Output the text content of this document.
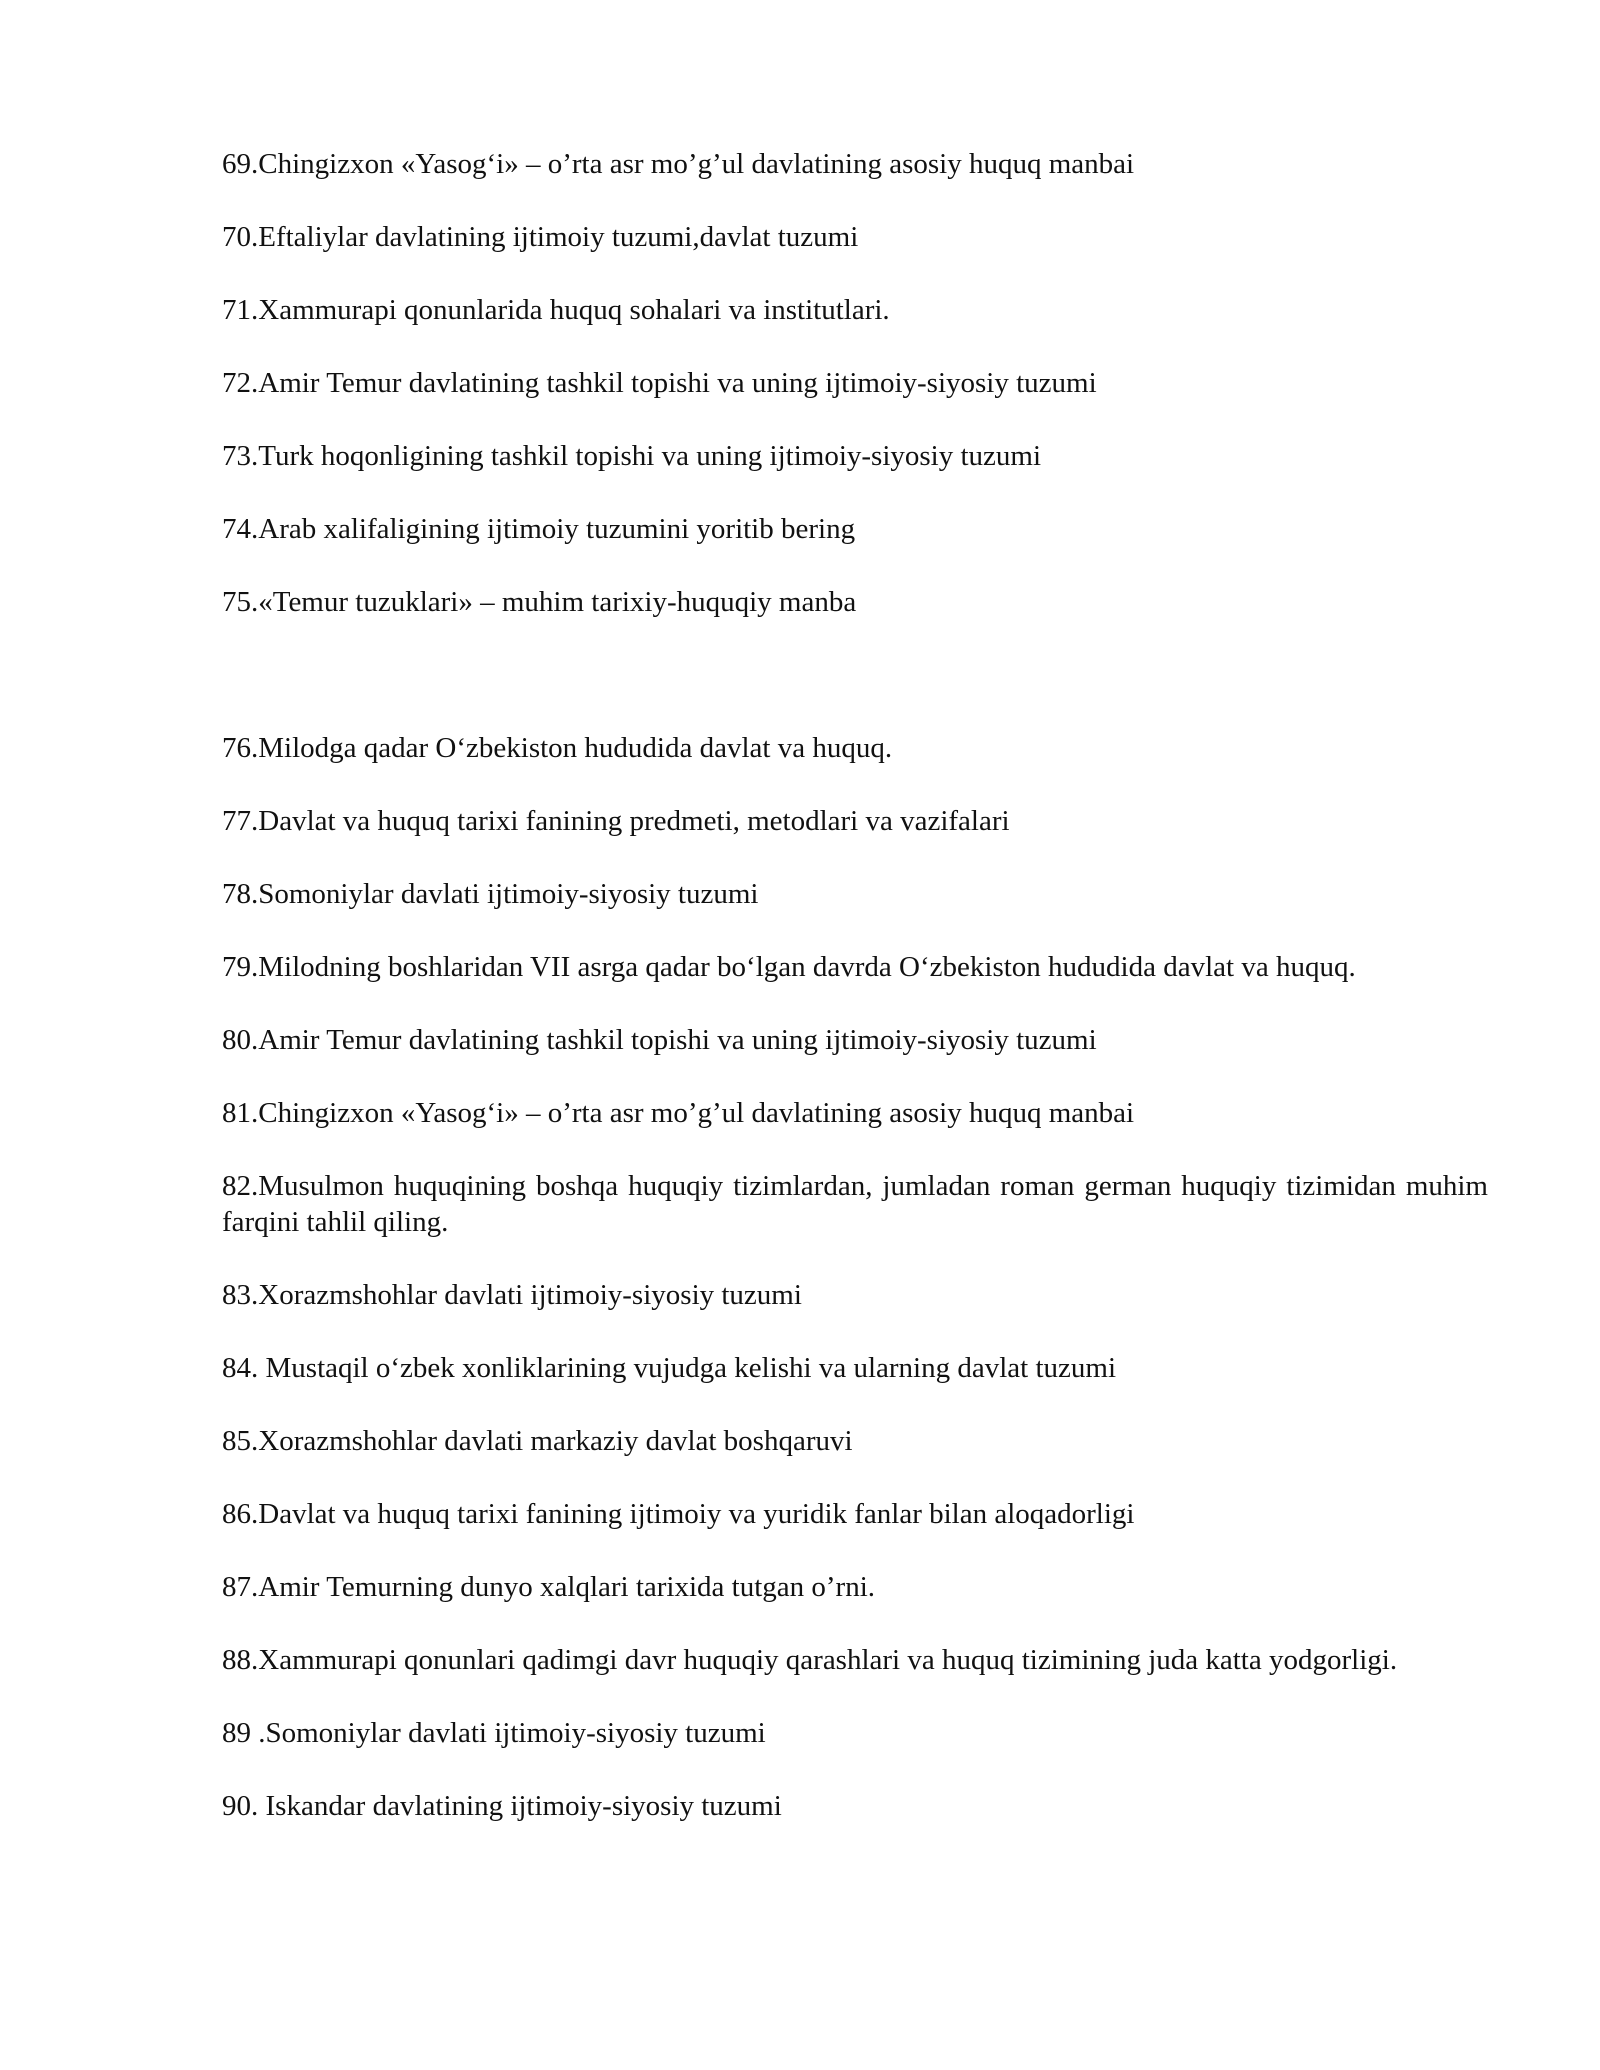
69.Chingizxon «Yasog‘i» – o’rta asr mo’g’ul davlatining asosiy huquq manbai

70.Eftaliylar davlatining ijtimoiy tuzumi,davlat tuzumi

71.Xammurapi qonunlarida huquq sohalari va institutlari.

72.Amir Temur davlatining tashkil topishi va uning ijtimoiy-siyosiy tuzumi

73.Turk hoqonligining tashkil topishi va uning ijtimoiy-siyosiy tuzumi

74.Arab xalifaligining ijtimoiy tuzumini yoritib bering

75.«Temur tuzuklari» – muhim tarixiy-huquqiy manba

76.Milodga qadar O‘zbekiston hududida davlat va huquq.

77.Davlat va huquq tarixi fanining predmeti, metodlari va vazifalari

78.Somoniylar davlati ijtimoiy-siyosiy tuzumi

79.Milodning boshlaridan VII asrga qadar bo‘lgan davrda O‘zbekiston hududida davlat va huquq.

80.Amir Temur davlatining tashkil topishi va uning ijtimoiy-siyosiy tuzumi

81.Chingizxon «Yasog‘i» – o’rta asr mo’g’ul davlatining asosiy huquq manbai

82.Musulmon huquqining boshqa huquqiy tizimlardan, jumladan roman german huquqiy tizimidan muhim farqini tahlil qiling.

83.Xorazmshohlar davlati ijtimoiy-siyosiy tuzumi

84. Mustaqil o‘zbek xonliklarining vujudga kelishi va ularning davlat tuzumi

85.Xorazmshohlar davlati markaziy davlat boshqaruvi

86.Davlat va huquq tarixi fanining ijtimoiy va yuridik fanlar bilan aloqadorligi

87.Amir Temurning dunyo xalqlari tarixida tutgan o’rni.

88.Xammurapi qonunlari qadimgi davr huquqiy qarashlari va huquq tizimining juda katta yodgorligi.

89 .Somoniylar davlati ijtimoiy-siyosiy tuzumi

90. Iskandar davlatining ijtimoiy-siyosiy tuzumi
